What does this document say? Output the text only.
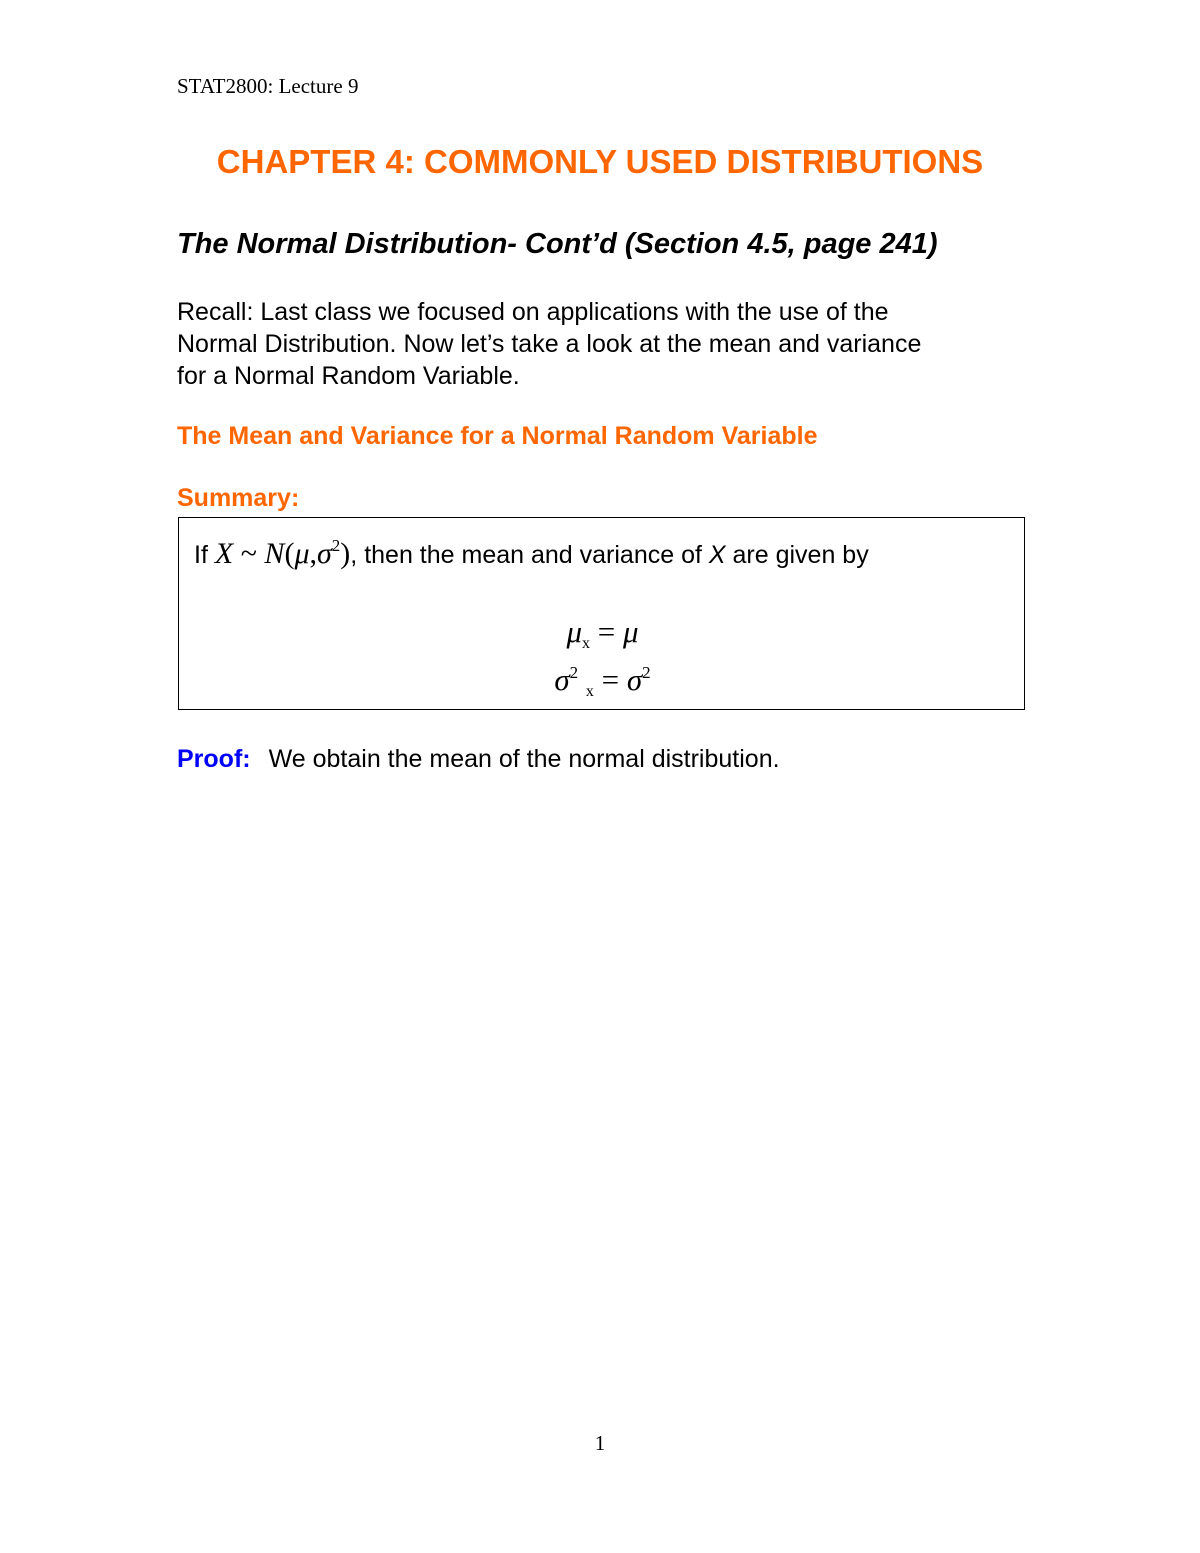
STAT2800: Lecture 9
CHAPTER 4: COMMONLY USED DISTRIBUTIONS
The Normal Distribution- Cont’d (Section 4.5, page 241)

Recall: Last class we focused on applications with the use of the

Normal Distribution. Now let’s take a look at the mean and variance

for a Normal Random Variable.

The Mean and Variance for a Normal Random Variable
Summary:
If X ~ $N(\mu,\sigma^2)$, then the mean and variance of X are given by
$\mu_x = \mu$
$\sigma^2$ $_x = \sigma^2$
Proof: We obtain the mean of the normal distribution.
1
